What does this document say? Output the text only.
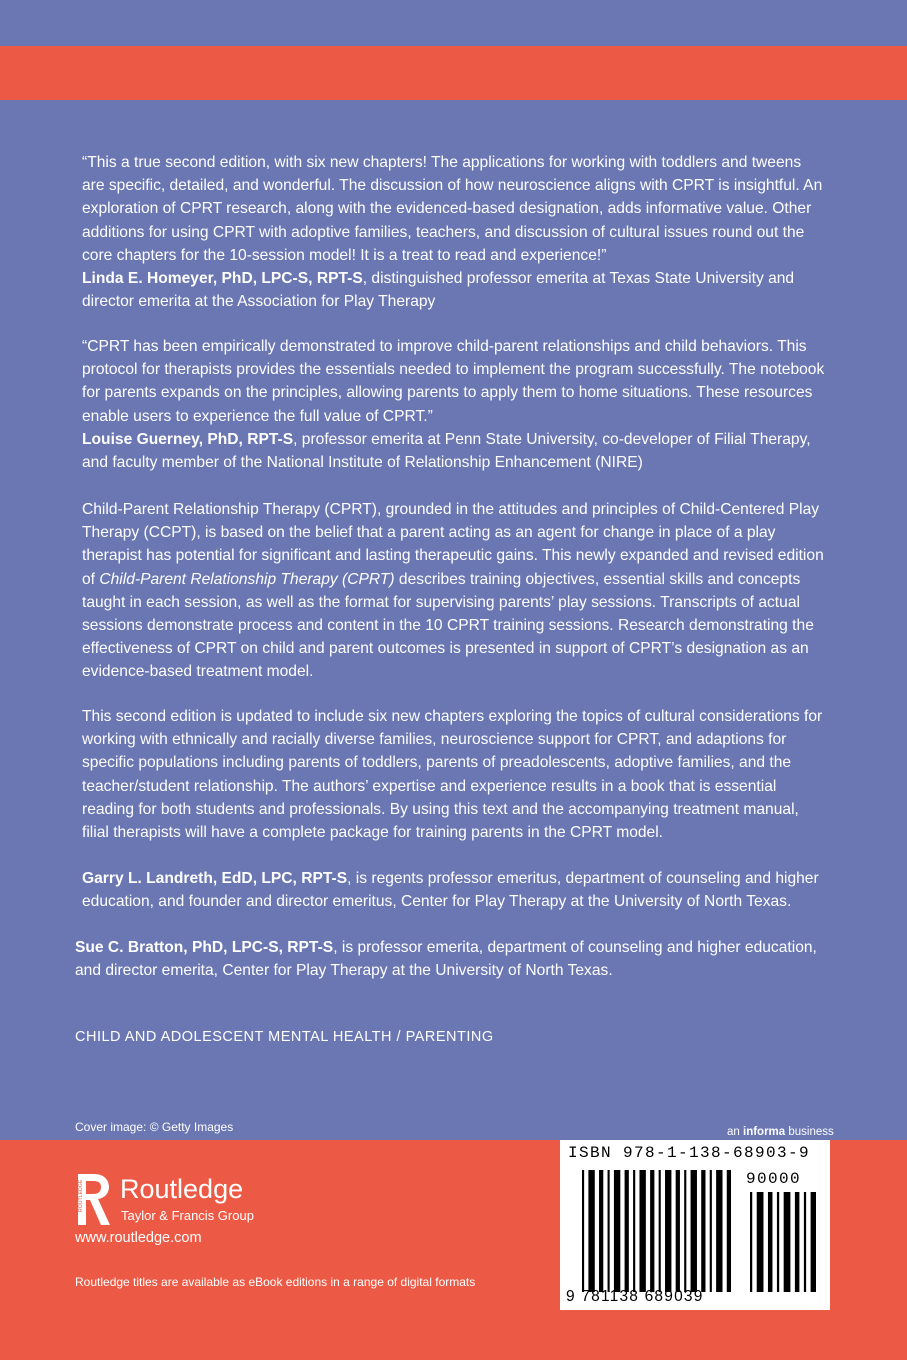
“This a true second edition, with six new chapters! The applications for working with toddlers and tweens are specific, detailed, and wonderful. The discussion of how neuroscience aligns with CPRT is insightful. An exploration of CPRT research, along with the evidenced-based designation, adds informative value. Other additions for using CPRT with adoptive families, teachers, and discussion of cultural issues round out the core chapters for the 10-session model! It is a treat to read and experience!”

Linda E. Homeyer, PhD, LPC-S, RPT-S, distinguished professor emerita at Texas State University and director emerita at the Association for Play Therapy

“CPRT has been empirically demonstrated to improve child-parent relationships and child behaviors. This protocol for therapists provides the essentials needed to implement the program successfully. The notebook for parents expands on the principles, allowing parents to apply them to home situations. These resources enable users to experience the full value of CPRT.”

Louise Guerney, PhD, RPT-S, professor emerita at Penn State University, co-developer of Filial Therapy, and faculty member of the National Institute of Relationship Enhancement (NIRE)

Child-Parent Relationship Therapy (CPRT), grounded in the attitudes and principles of Child-Centered Play Therapy (CCPT), is based on the belief that a parent acting as an agent for change in place of a play therapist has potential for significant and lasting therapeutic gains. This newly expanded and revised edition of Child-Parent Relationship Therapy (CPRT) describes training objectives, essential skills and concepts taught in each session, as well as the format for supervising parents’ play sessions. Transcripts of actual sessions demonstrate process and content in the 10 CPRT training sessions. Research demonstrating the effectiveness of CPRT on child and parent outcomes is presented in support of CPRT’s designation as an evidence-based treatment model.

This second edition is updated to include six new chapters exploring the topics of cultural considerations for working with ethnically and racially diverse families, neuroscience support for CPRT, and adaptions for specific populations including parents of toddlers, parents of preadolescents, adoptive families, and the teacher/student relationship. The authors’ expertise and experience results in a book that is essential reading for both students and professionals. By using this text and the accompanying treatment manual, filial therapists will have a complete package for training parents in the CPRT model.

Garry L. Landreth, EdD, LPC, RPT-S, is regents professor emeritus, department of counseling and higher education, and founder and director emeritus, Center for Play Therapy at the University of North Texas.

Sue C. Bratton, PhD, LPC-S, RPT-S, is professor emerita, department of counseling and higher education, and director emerita, Center for Play Therapy at the University of North Texas.

CHILD AND ADOLESCENT MENTAL HEALTH / PARENTING
Cover image: © Getty Images	an informa business
ROUTLEDGE Routledge
Taylor & Francis Group
www.routledge.com
Routledge titles are available as eBook editions in a range of digital formats
ISBN 978-1-138-68903-9
90000
9 781138 689039
